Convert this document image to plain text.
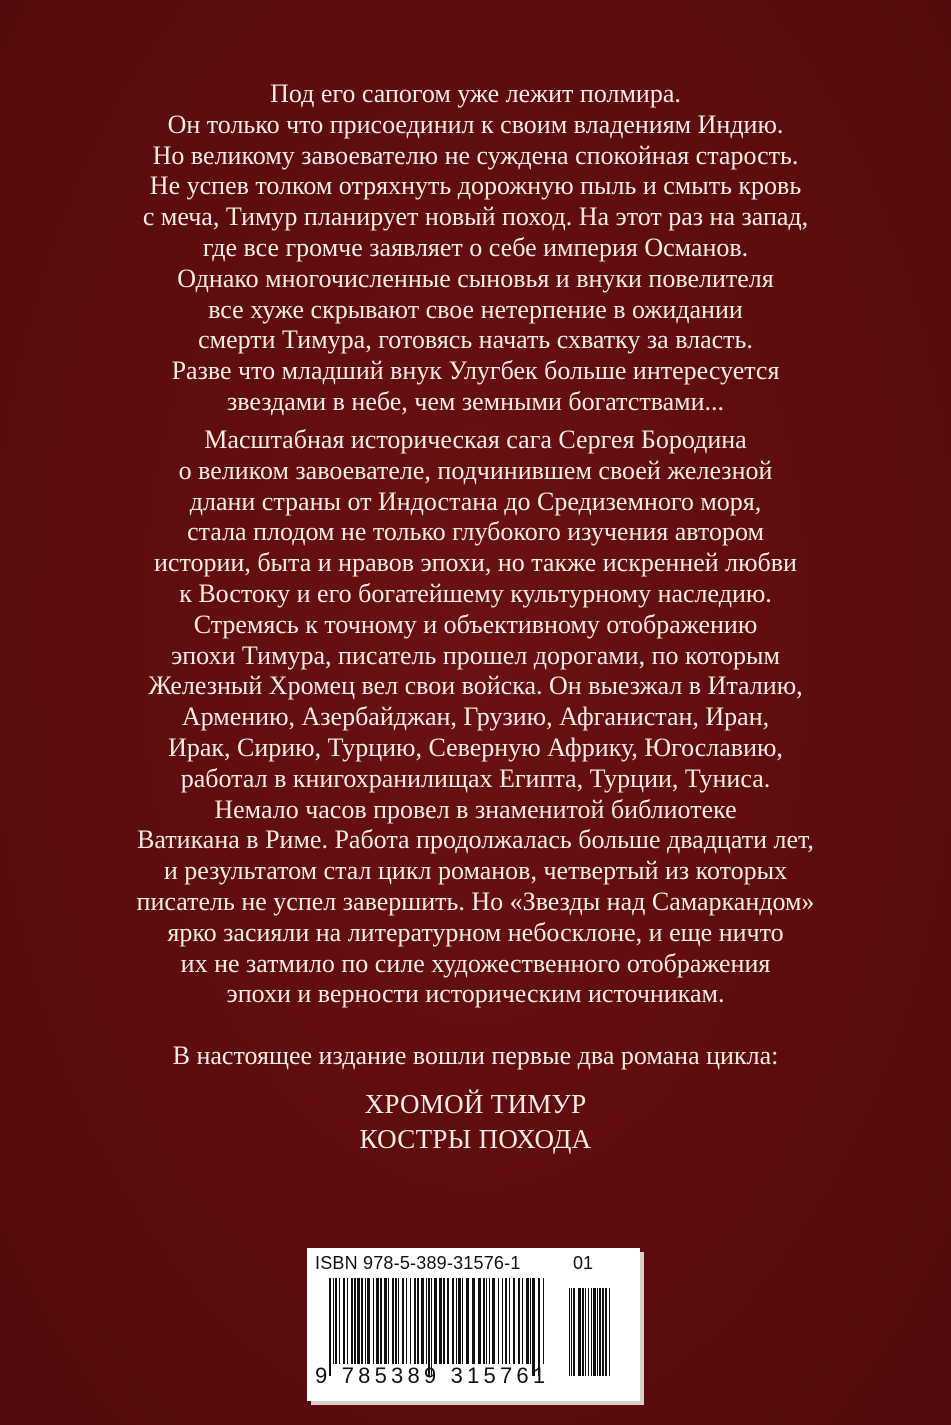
Под его сапогом уже лежит полмира.
Он только что присоединил к своим владениям Индию.
Но великому завоевателю не суждена спокойная старость.
Не успев толком отряхнуть дорожную пыль и смыть кровь
с меча, Тимур планирует новый поход. На этот раз на запад,
где все громче заявляет о себе империя Османов.
Однако многочисленные сыновья и внуки повелителя
все хуже скрывают свое нетерпение в ожидании
смерти Тимура, готовясь начать схватку за власть.
Разве что младший внук Улугбек больше интересуется
звездами в небе, чем земными богатствами...
Масштабная историческая сага Сергея Бородина
о великом завоевателе, подчинившем своей железной
длани страны от Индостана до Средиземного моря,
стала плодом не только глубокого изучения автором
истории, быта и нравов эпохи, но также искренней любви
к Востоку и его богатейшему культурному наследию.
Стремясь к точному и объективному отображению
эпохи Тимура, писатель прошел дорогами, по которым
Железный Хромец вел свои войска. Он выезжал в Италию,
Армению, Азербайджан, Грузию, Афганистан, Иран,
Ирак, Сирию, Турцию, Северную Африку, Югославию,
работал в книгохранилищах Египта, Турции, Туниса.
Немало часов провел в знаменитой библиотеке
Ватикана в Риме. Работа продолжалась больше двадцати лет,
и результатом стал цикл романов, четвертый из которых
писатель не успел завершить. Но «Звезды над Самаркандом»
ярко засияли на литературном небосклоне, и еще ничто
их не затмило по силе художественного отображения
эпохи и верности историческим источникам.
В настоящее издание вошли первые два романа цикла:
ХРОМОЙ ТИМУР
КОСТРЫ ПОХОДА
ISBN 978-5-389-31576-1	01
9 785389 315761
